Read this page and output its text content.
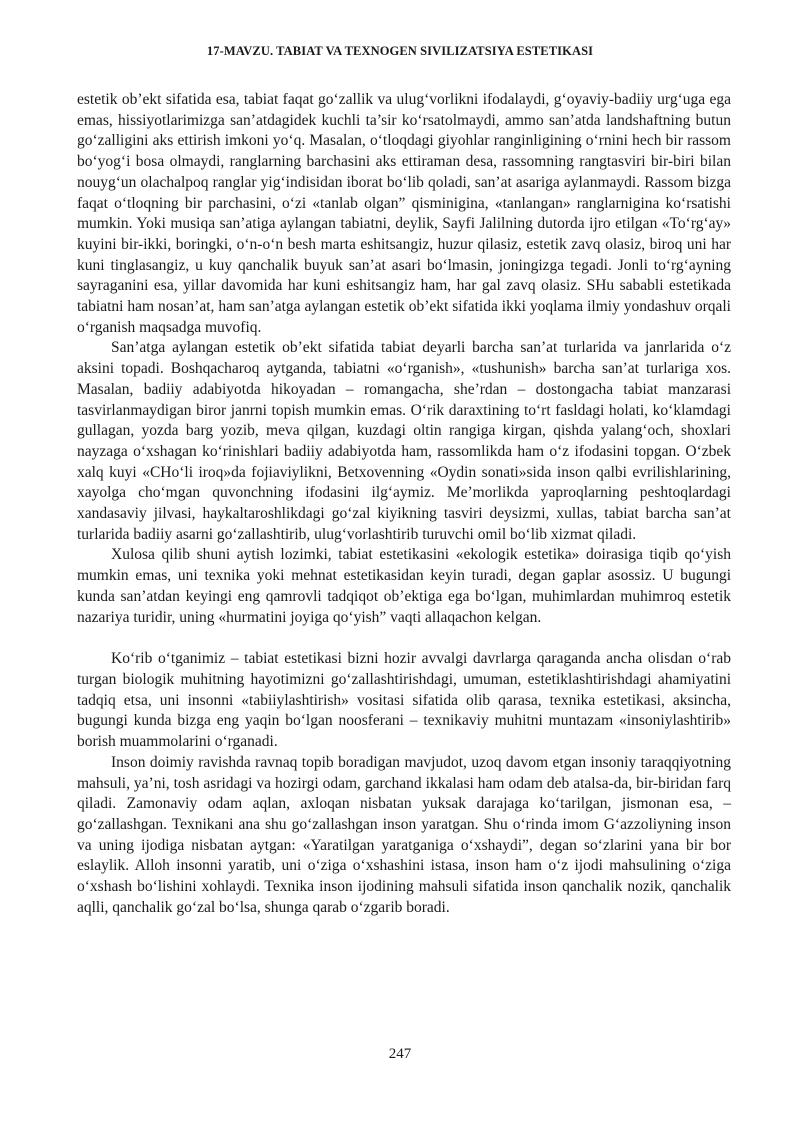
17-MAVZU. TABIAT VA TEXNOGEN SIVILIZATSIYA ESTETIKASI

estetik ob’ekt sifatida esa, tabiat faqat go‘zallik va ulug‘vorlikni ifodalaydi, g‘oyaviy-badiiy urg‘uga ega emas, hissiyotlarimizga san’atdagidek kuchli ta’sir ko‘rsatolmaydi, ammo san’atda landshaftning butun go‘zalligini aks ettirish imkoni yo‘q. Masalan, o‘tloqdagi giyohlar ranginligining o‘rnini hech bir rassom bo‘yog‘i bosa olmaydi, ranglarning barchasini aks ettiraman desa, rassomning rangtasviri bir-biri bilan nouyg‘un olachalpoq ranglar yig‘indisidan iborat bo‘lib qoladi, san’at asariga aylanmaydi. Rassom bizga faqat o‘tloqning bir parchasini, o‘zi «tanlab olgan” qisminigina, «tanlangan» ranglarnigina ko‘rsatishi mumkin. Yoki musiqa san’atiga aylangan tabiatni, deylik, Sayfi Jalilning dutorda ijro etilgan «To‘rg‘ay» kuyini bir-ikki, boringki, o‘n-o‘n besh marta eshitsangiz, huzur qilasiz, estetik zavq olasiz, biroq uni har kuni tinglasangiz, u kuy qanchalik buyuk san’at asari bo‘lmasin, joningizga tegadi. Jonli to‘rg‘ayning sayraganini esa, yillar davomida har kuni eshitsangiz ham, har gal zavq olasiz. SHu sababli estetikada tabiatni ham nosan’at, ham san’atga aylangan estetik ob’ekt sifatida ikki yoqlama ilmiy yondashuv orqali o‘rganish maqsadga muvofiq.

San’atga aylangan estetik ob’ekt sifatida tabiat deyarli barcha san’at turlarida va janrlarida o‘z aksini topadi. Boshqacharoq aytganda, tabiatni «o‘rganish», «tushunish» barcha san’at turlariga xos. Masalan, badiiy adabiyotda hikoyadan – romangacha, she’rdan – dostongacha tabiat manzarasi tasvirlanmaydigan biror janrni topish mumkin emas. O‘rik daraxtining to‘rt fasldagi holati, ko‘klamdagi gullagan, yozda barg yozib, meva qilgan, kuzdagi oltin rangiga kirgan, qishda yalang‘och, shoxlari nayzaga o‘xshagan ko‘rinishlari badiiy adabiyotda ham, rassomlikda ham o‘z ifodasini topgan. O‘zbek xalq kuyi «CHo‘li iroq»da fojiaviylikni, Betxovenning «Oydin sonati»sida inson qalbi evrilishlarining, xayolga cho‘mgan quvonchning ifodasini ilg‘aymiz. Me’morlikda yaproqlarning peshtoqlardagi xandasaviy jilvasi, haykaltaroshlikdagi go‘zal kiyikning tasviri deysizmi, xullas, tabiat barcha san’at turlarida badiiy asarni go‘zallashtirib, ulug‘vorlashtirib turuvchi omil bo‘lib xizmat qiladi.

Xulosa qilib shuni aytish lozimki, tabiat estetikasini «ekologik estetika» doirasiga tiqib qo‘yish mumkin emas, uni texnika yoki mehnat estetikasidan keyin turadi, degan gaplar asossiz. U bugungi kunda san’atdan keyingi eng qamrovli tadqiqot ob’ektiga ega bo‘lgan, muhimlardan muhimroq estetik nazariya turidir, uning «hurmatini joyiga qo‘yish” vaqti allaqachon kelgan.

Ko‘rib o‘tganimiz – tabiat estetikasi bizni hozir avvalgi davrlarga qaraganda ancha olisdan o‘rab turgan biologik muhitning hayotimizni go‘zallashtirishdagi, umuman, estetiklashtirishdagi ahamiyatini tadqiq etsa, uni insonni «tabiiylashtirish» vositasi sifatida olib qarasa, texnika estetikasi, aksincha, bugungi kunda bizga eng yaqin bo‘lgan noosferani – texnikaviy muhitni muntazam «insoniylashtirib» borish muammolarini o‘rganadi.

Inson doimiy ravishda ravnaq topib boradigan mavjudot, uzoq davom etgan insoniy taraqqiyotning mahsuli, ya’ni, tosh asridagi va hozirgi odam, garchand ikkalasi ham odam deb atalsa-da, bir-biridan farq qiladi. Zamonaviy odam aqlan, axloqan nisbatan yuksak darajaga ko‘tarilgan, jismonan esa, – go‘zallashgan. Texnikani ana shu go‘zallashgan inson yaratgan. Shu o‘rinda imom G‘azzoliyning inson va uning ijodiga nisbatan aytgan: «Yaratilgan yaratganiga o‘xshaydi”, degan so‘zlarini yana bir bor eslaylik. Alloh insonni yaratib, uni o‘ziga o‘xshashini istasa, inson ham o‘z ijodi mahsulining o‘ziga o‘xshash bo‘lishini xohlaydi. Texnika inson ijodining mahsuli sifatida inson qanchalik nozik, qanchalik aqlli, qanchalik go‘zal bo‘lsa, shunga qarab o‘zgarib boradi.

247
